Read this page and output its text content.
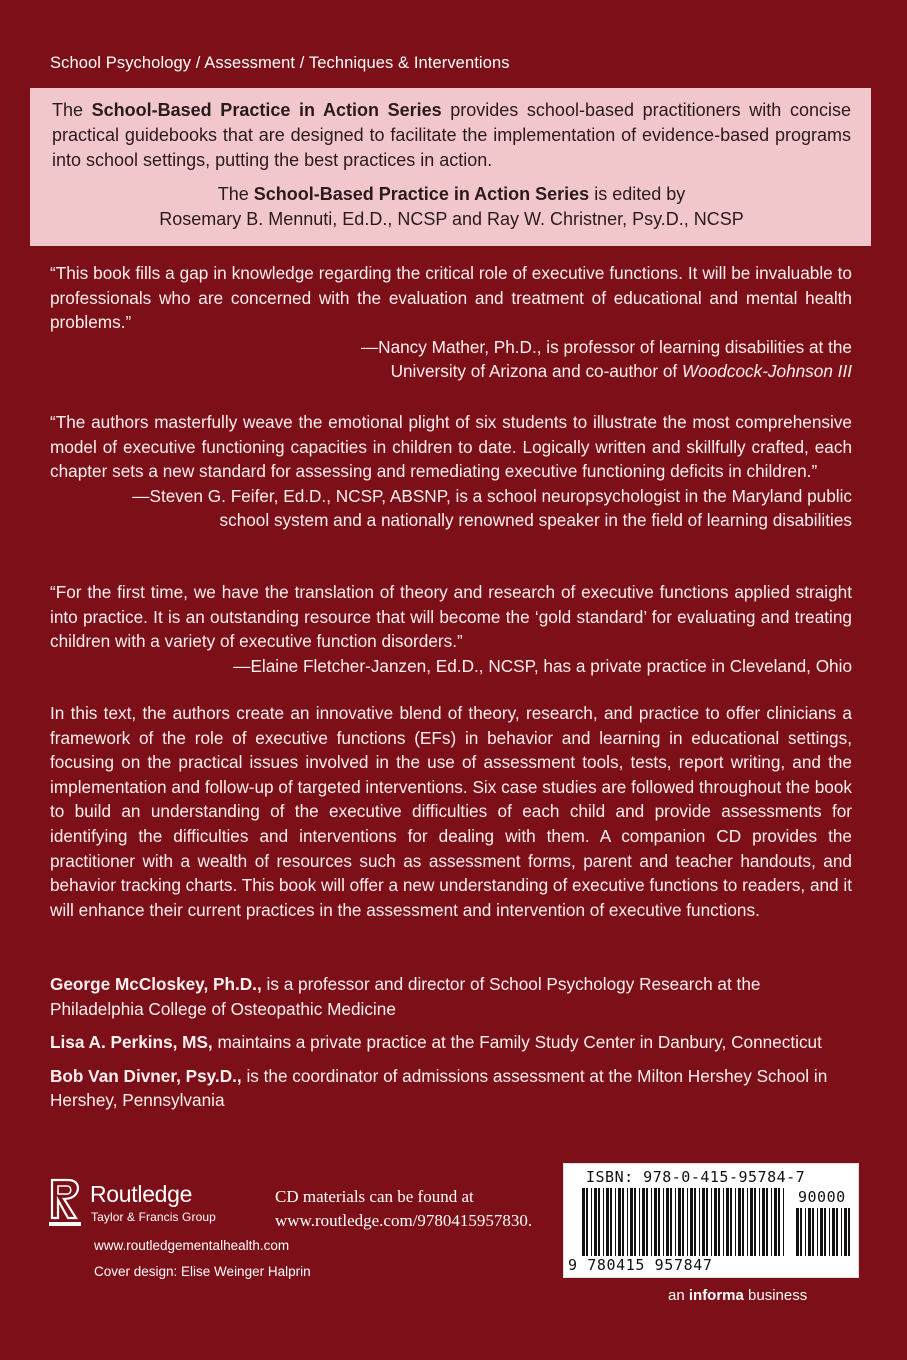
School Psychology / Assessment / Techniques & Interventions

The School-Based Practice in Action Series provides school-based practitioners with concise practical guidebooks that are designed to facilitate the implementation of evidence-based programs into school settings, putting the best practices in action.

The School-Based Practice in Action Series is edited by
Rosemary B. Mennuti, Ed.D., NCSP and Ray W. Christner, Psy.D., NCSP

“This book fills a gap in knowledge regarding the critical role of executive functions. It will be invaluable to professionals who are concerned with the evaluation and treatment of educational and mental health problems.”

—Nancy Mather, Ph.D., is professor of learning disabilities at the
University of Arizona and co-author of Woodcock-Johnson III

“The authors masterfully weave the emotional plight of six students to illustrate the most comprehensive model of executive functioning capacities in children to date. Logically written and skillfully crafted, each chapter sets a new standard for assessing and remediating executive functioning deficits in children.”

—Steven G. Feifer, Ed.D., NCSP, ABSNP, is a school neuropsychologist in the Maryland public
school system and a nationally renowned speaker in the field of learning disabilities

“For the first time, we have the translation of theory and research of executive functions applied straight into practice. It is an outstanding resource that will become the ‘gold standard’ for evaluating and treating children with a variety of executive function disorders.”

—Elaine Fletcher-Janzen, Ed.D., NCSP, has a private practice in Cleveland, Ohio

In this text, the authors create an innovative blend of theory, research, and practice to offer clinicians a framework of the role of executive functions (EFs) in behavior and learning in educational settings, focusing on the practical issues involved in the use of assessment tools, tests, report writing, and the implementation and follow-up of targeted interventions. Six case studies are followed throughout the book to build an understanding of the executive difficulties of each child and provide assessments for identifying the difficulties and interventions for dealing with them. A companion CD provides the practitioner with a wealth of resources such as assessment forms, parent and teacher handouts, and behavior tracking charts. This book will offer a new understanding of executive functions to readers, and it will enhance their current practices in the assessment and intervention of executive functions.

George McCloskey, Ph.D., is a professor and director of School Psychology Research at the Philadelphia College of Osteopathic Medicine

Lisa A. Perkins, MS, maintains a private practice at the Family Study Center in Danbury, Connecticut

Bob Van Divner, Psy.D., is the coordinator of admissions assessment at the Milton Hershey School in Hershey, Pennsylvania

Routledge
Taylor & Francis Group
CD materials can be found at
www.routledge.com/9780415957830.
www.routledgementalhealth.com
Cover design: Elise Weinger Halprin
ISBN: 978-0-415-95784-7
90000
9 780415 957847
an informa business
